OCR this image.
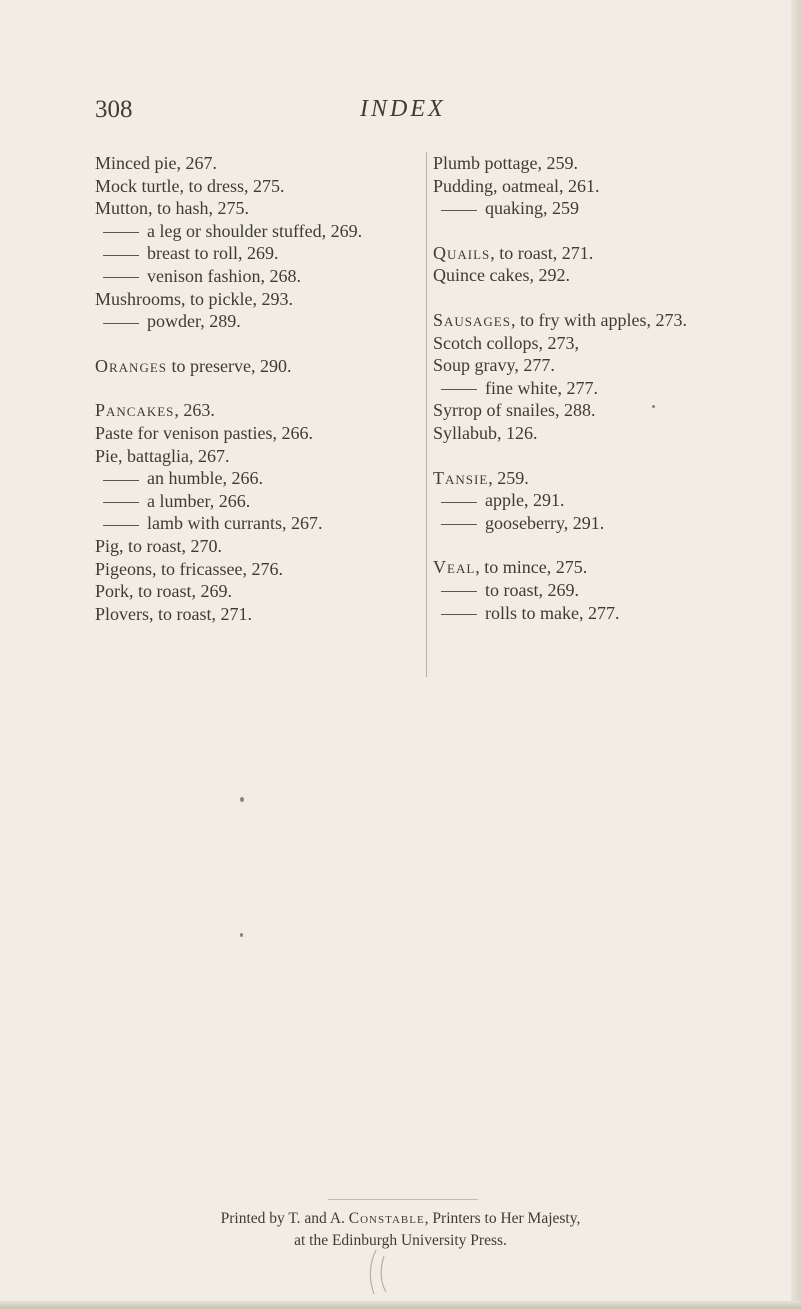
308	INDEX
Minced pie, 267.
Mock turtle, to dress, 275.
Mutton, to hash, 275.
a leg or shoulder stuffed, 269.
breast to roll, 269.
venison fashion, 268.
Mushrooms, to pickle, 293.
powder, 289.
Oranges to preserve, 290.
Pancakes, 263.
Paste for venison pasties, 266.
Pie, battaglia, 267.
an humble, 266.
a lumber, 266.
lamb with currants, 267.
Pig, to roast, 270.
Pigeons, to fricassee, 276.
Pork, to roast, 269.
Plovers, to roast, 271.
Plumb pottage, 259.
Pudding, oatmeal, 261.
quaking, 259
Quails, to roast, 271.
Quince cakes, 292.
Sausages, to fry with apples, 273.
Scotch collops, 273,
Soup gravy, 277.
fine white, 277.
Syrrop of snailes, 288.
Syllabub, 126.
Tansie, 259.
apple, 291.
gooseberry, 291.
Veal, to mince, 275.
to roast, 269.
rolls to make, 277.
Printed by T. and A. Constable, Printers to Her Majesty,
at the Edinburgh University Press.
